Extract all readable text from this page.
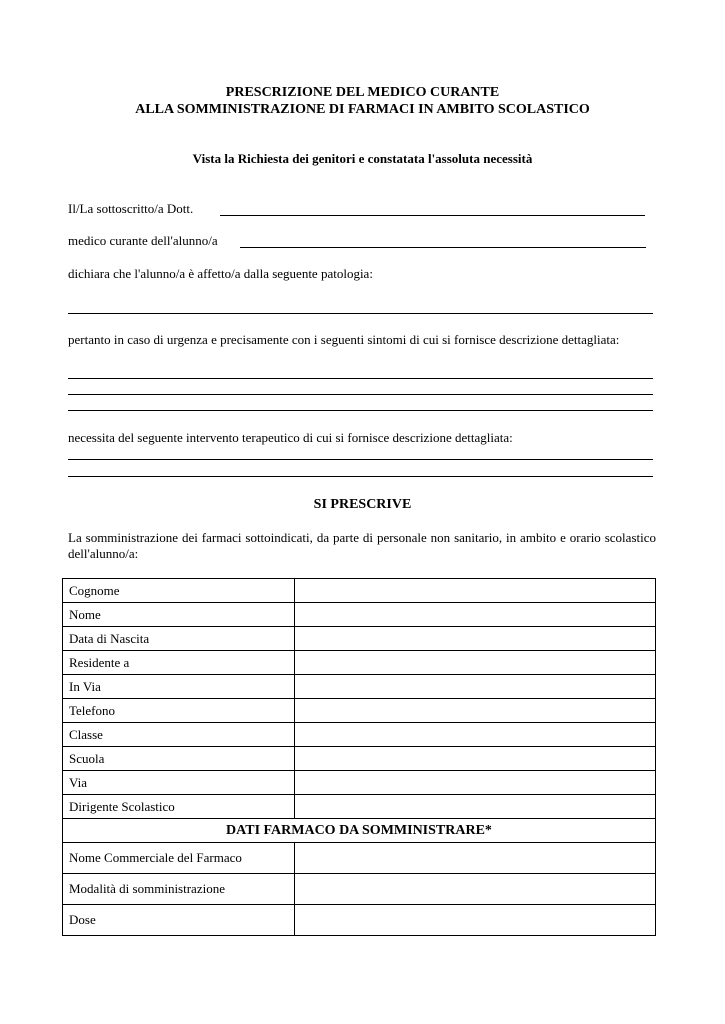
PRESCRIZIONE DEL MEDICO CURANTE
ALLA SOMMINISTRAZIONE DI FARMACI IN AMBITO SCOLASTICO
Vista la Richiesta dei genitori e constatata l'assoluta necessità
Il/La sottoscritto/a Dott.
medico curante dell'alunno/a
dichiara che l'alunno/a è affetto/a dalla seguente patologia:
pertanto in caso di urgenza e precisamente con i seguenti sintomi di cui si fornisce descrizione dettagliata:
necessita del seguente intervento terapeutico di cui si fornisce descrizione dettagliata:
SI PRESCRIVE
La somministrazione dei farmaci sottoindicati, da parte di personale non sanitario, in ambito e orario scolastico dell'alunno/a:
Cognome	
Nome	
Data di Nascita	
Residente a	
In Via	
Telefono	
Classe	
Scuola	
Via	
Dirigente Scolastico	
DATI FARMACO DA SOMMINISTRARE*	
Nome Commerciale del Farmaco	
Modalità di somministrazione	
Dose	
